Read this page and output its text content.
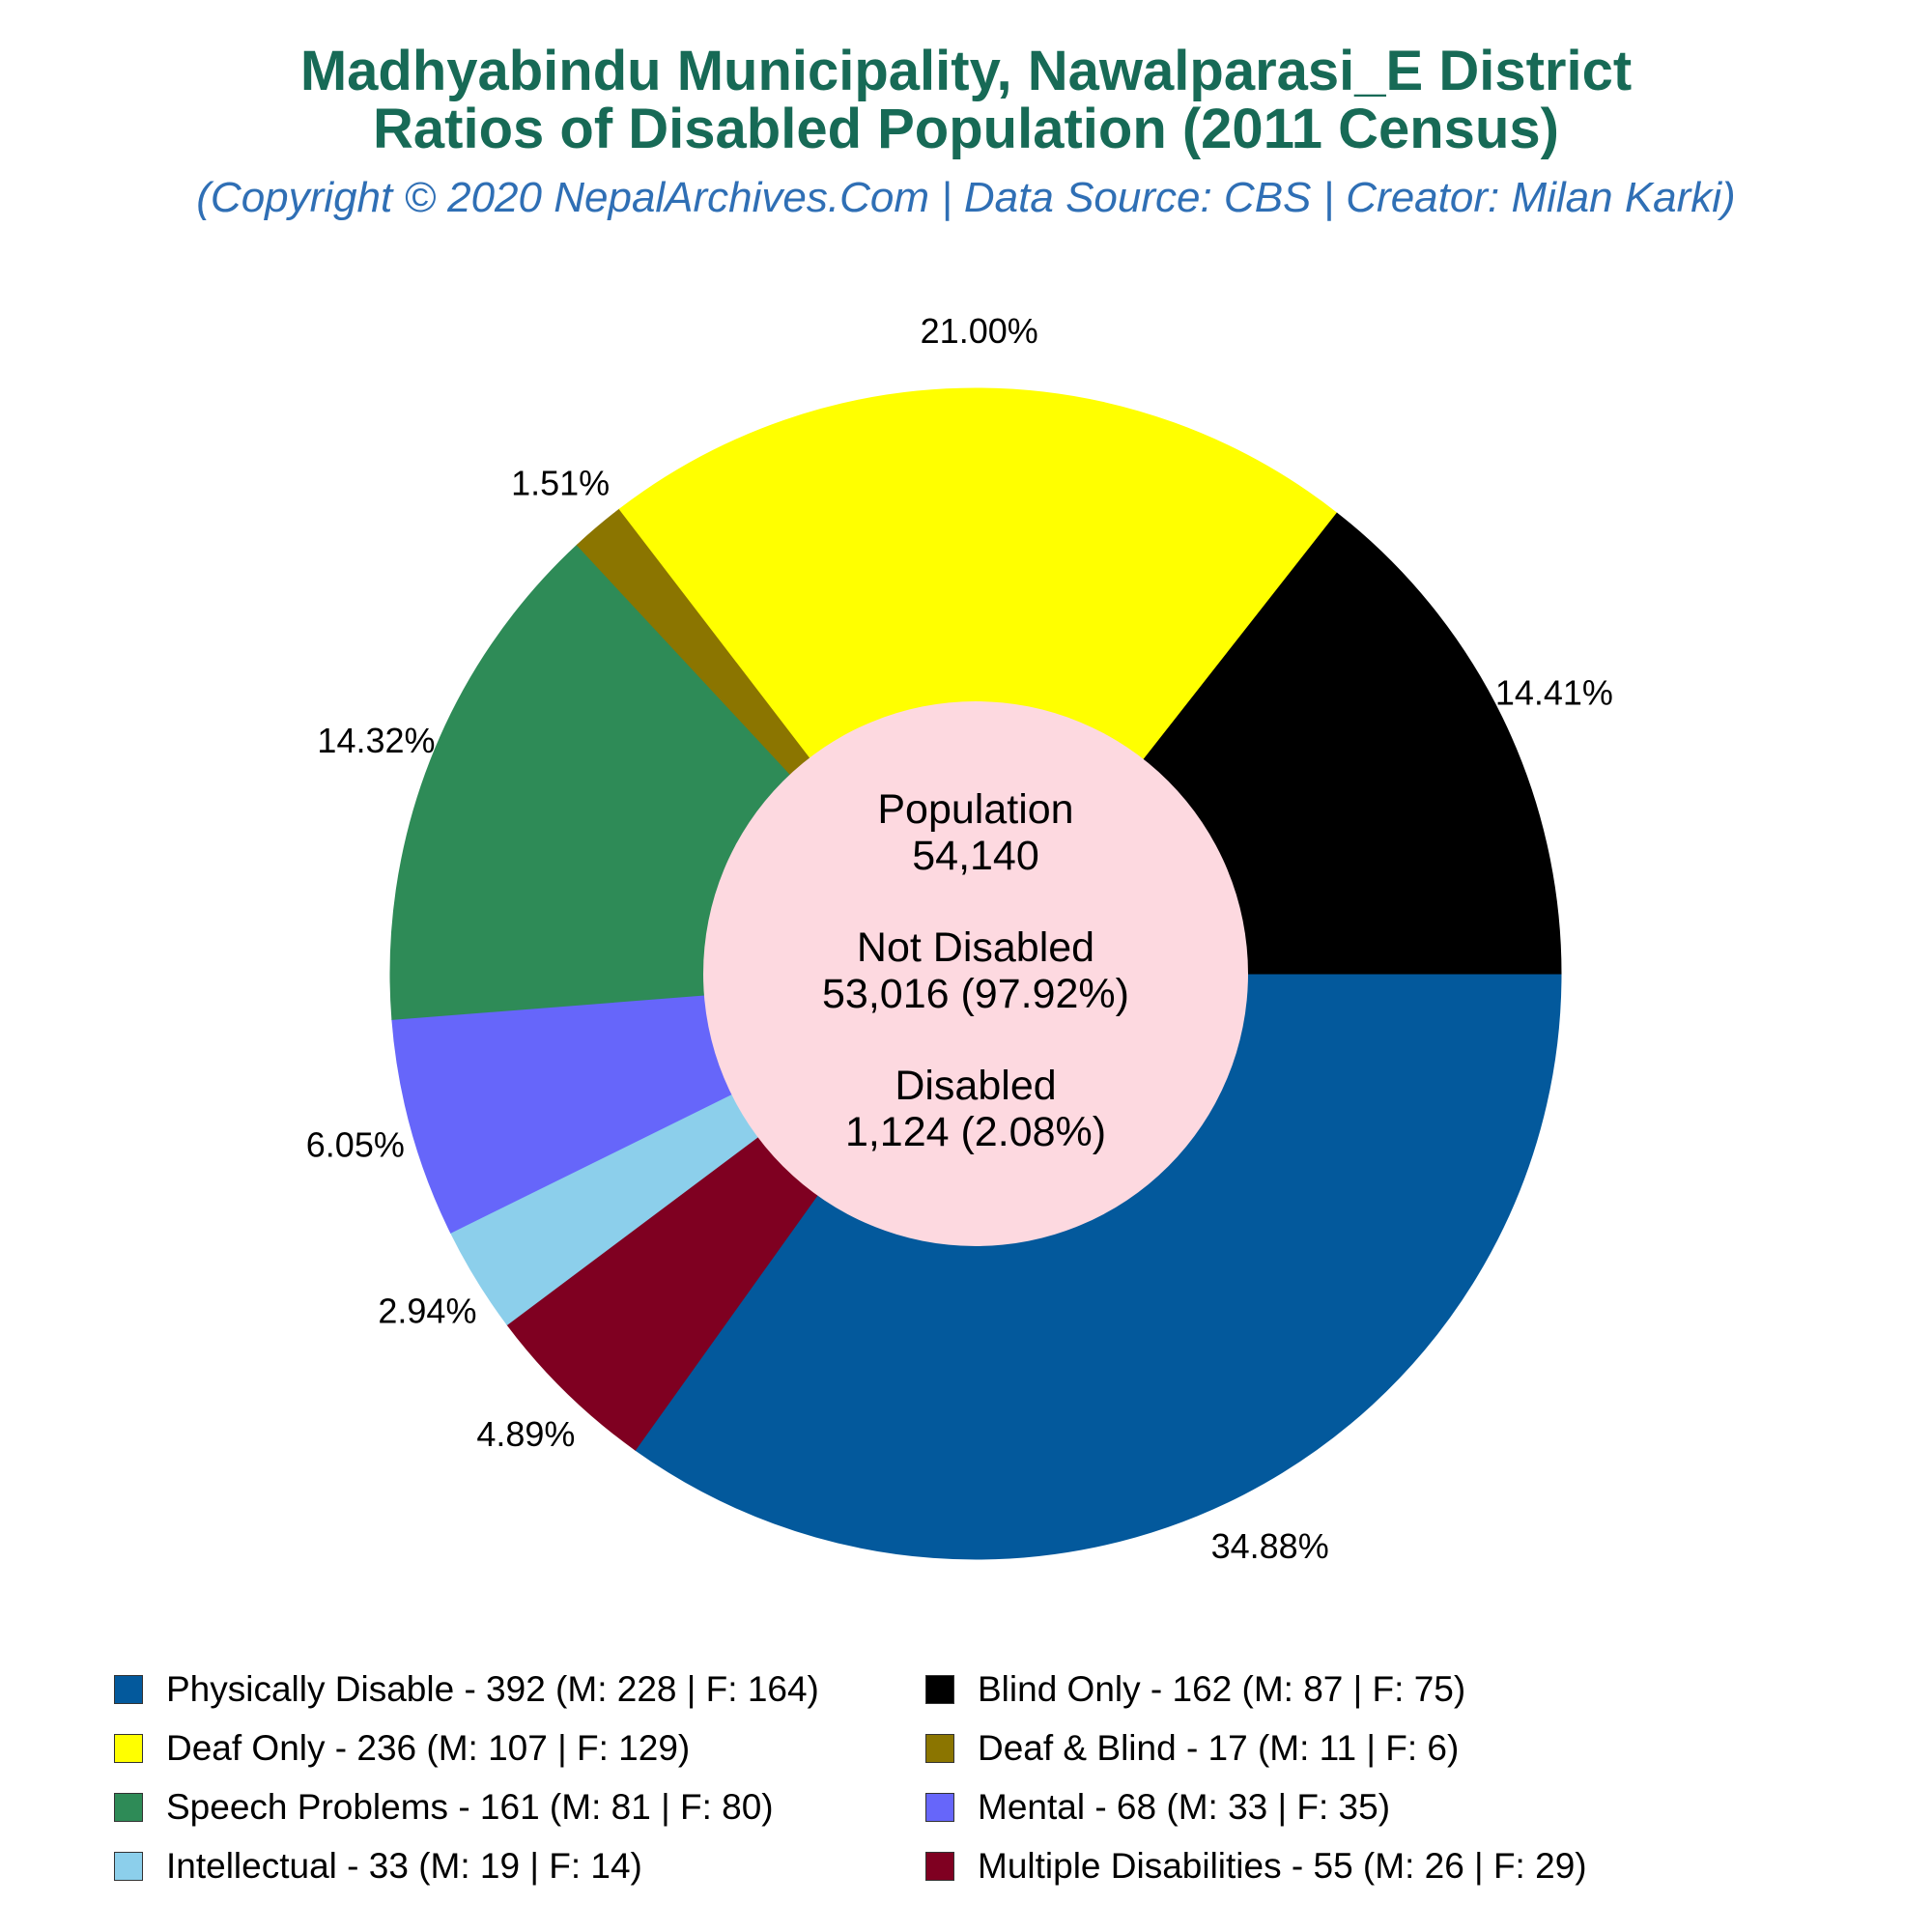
Madhyabindu Municipality, Nawalparasi_E District
Ratios of Disabled Population (2011 Census)
(Copyright © 2020 NepalArchives.Com | Data Source: CBS | Creator: Milan Karki)
34.88%
4.89%
2.94%
6.05%
14.32%
1.51%
21.00%
14.41%
Population
54,140
Not Disabled
53,016 (97.92%)
Disabled
1,124 (2.08%)
Physically Disable - 392 (M: 228 | F: 164)	Blind Only - 162 (M: 87 | F: 75)
Deaf Only - 236 (M: 107 | F: 129)	Deaf & Blind - 17 (M: 11 | F: 6)
Speech Problems - 161 (M: 81 | F: 80)	Mental - 68 (M: 33 | F: 35)
Intellectual - 33 (M: 19 | F: 14)	Multiple Disabilities - 55 (M: 26 | F: 29)
